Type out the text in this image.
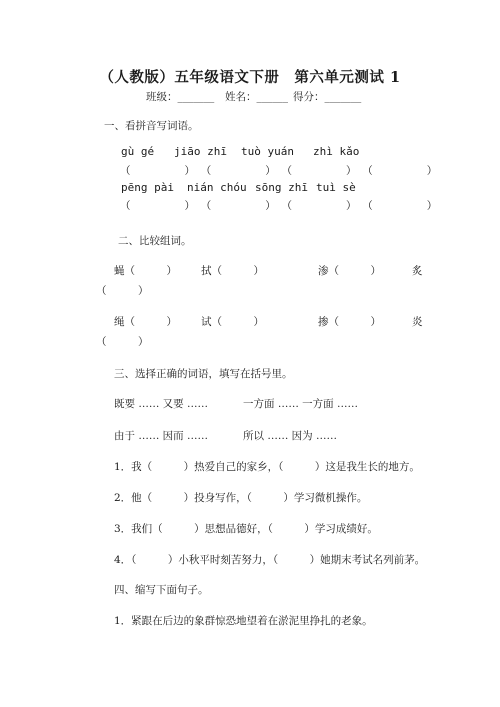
（人教版）五年级语文下册　第六单元测试 1
班级：_______ 姓名：______ 得分：_______
一、看拼音写词语。
gù gé jiāo zhī tuò yuán zhì kǎo
（　　）（　　）（　　）（　　）
pēng pài nián chóu sōng zhī tuì sè
（　　）（　　）（　　）（　　）
二、比较组词。
蝇（　　　） 拭（　　　）	渗（　　　）	炙
（　　　）
绳（　　　） 试（　　　）	掺（　　　）	炎
（　　　）
三、选择正确的词语，填写在括号里。
既要 …… 又要 ……	一方面 …… 一方面 ……
由于 …… 因而 ……	所以 …… 因为 ……
1．我（　　　）热爱自己的家乡，（　　　）这是我生长的地方。
2．他（　　　）投身写作，（　　　）学习微机操作。
3．我们（　　　）思想品德好，（　　　）学习成绩好。
4．（　　　）小秋平时刻苦努力，（　　　）她期末考试名列前茅。
四、缩写下面句子。
1．紧跟在后边的象群惊恐地望着在淤泥里挣扎的老象。
